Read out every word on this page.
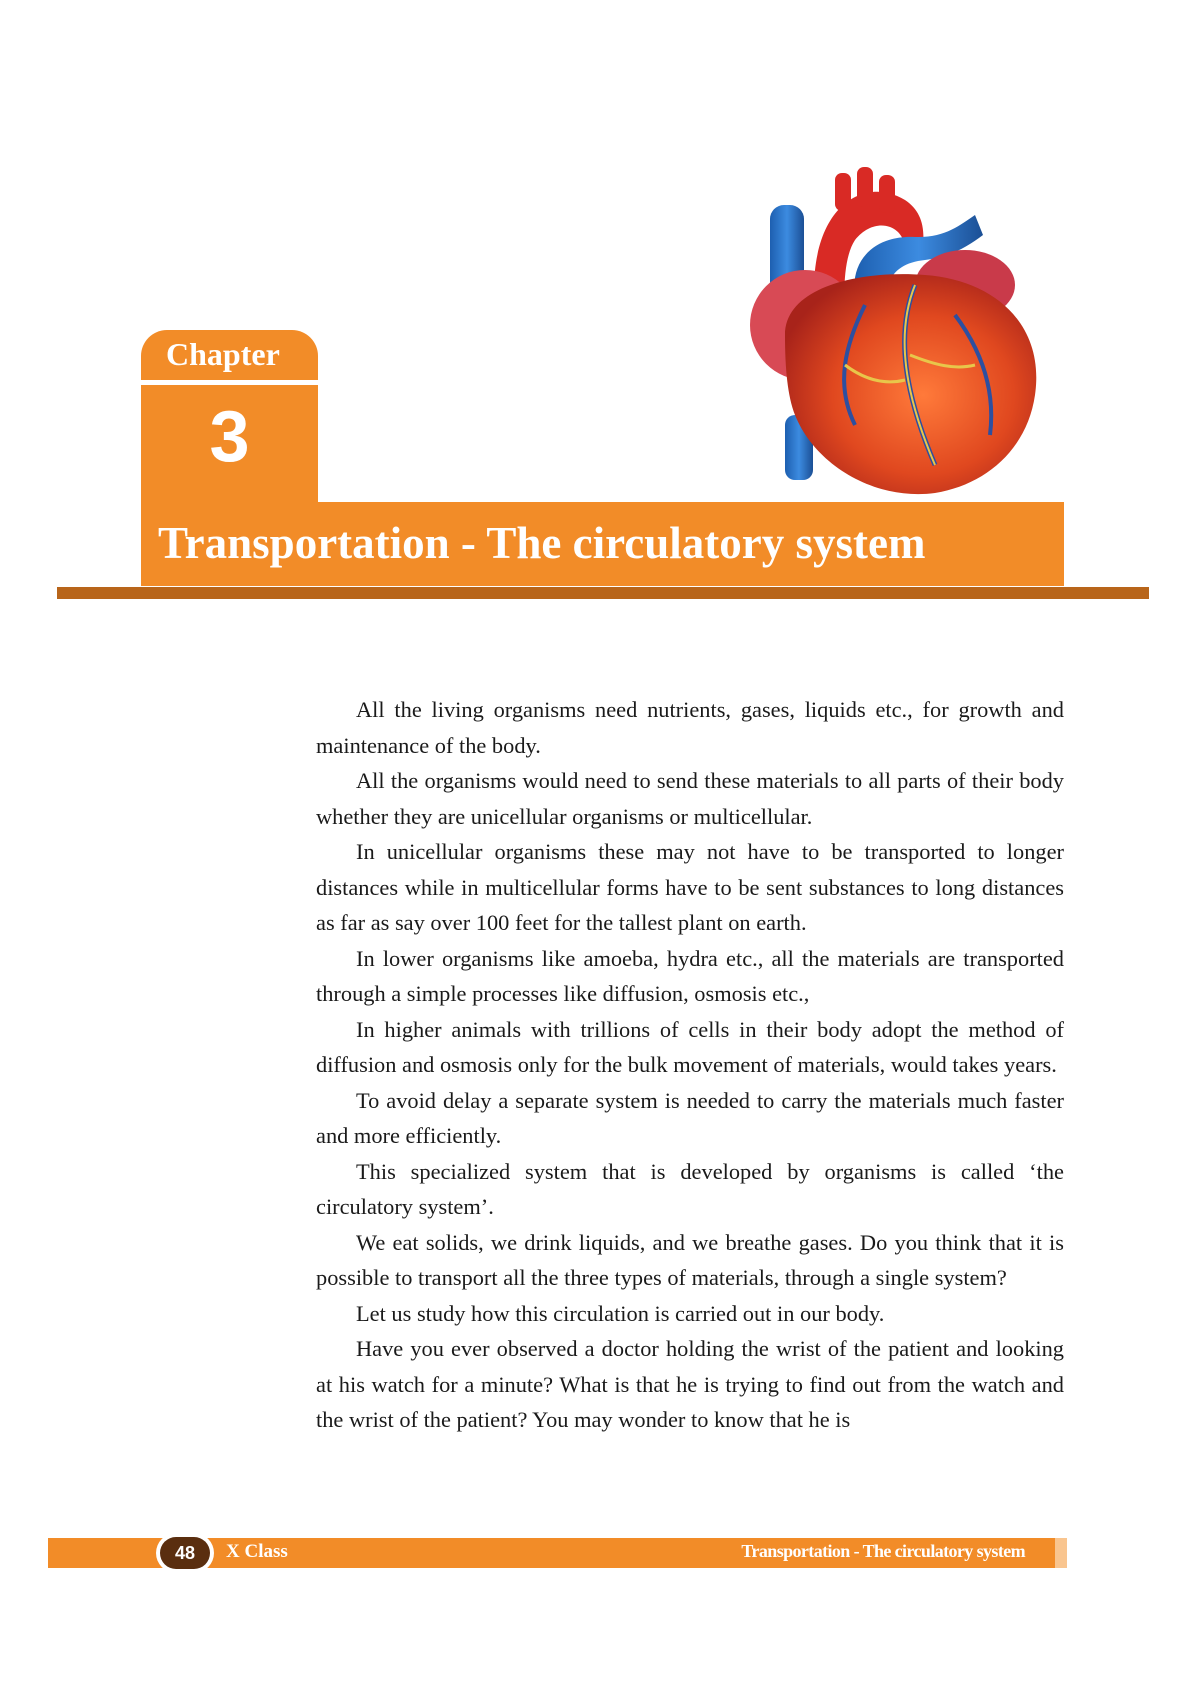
Chapter
3
Transportation - The circulatory system

All the living organisms need nutrients, gases, liquids etc., for growth and maintenance of the body.

All the organisms would need to send these materials to all parts of their body whether they are unicellular organisms or multicellular.

In unicellular organisms these may not have to be transported to longer distances while in multicellular forms have to be sent substances to long distances as far as say over 100 feet for the tallest plant on earth.

In lower organisms like amoeba, hydra etc., all the materials are transported through a simple processes like diffusion, osmosis etc.,

In higher animals with trillions of cells in their body adopt the method of diffusion and osmosis only for the bulk movement of materials, would takes years.

To avoid delay a separate system is needed to carry the materials much faster and more efficiently.

This specialized system that is developed by organisms is called ‘the circulatory system’.

We eat solids, we drink liquids, and we breathe gases. Do you think that it is possible to transport all the three types of materials, through a single system?

Let us study how this circulation is carried out in our body.

Have you ever observed a doctor holding the wrist of the patient and looking at his watch for a minute? What is that he is trying to find out from the watch and the wrist of the patient? You may wonder to know that he is

48	X Class	Transportation - The circulatory system
